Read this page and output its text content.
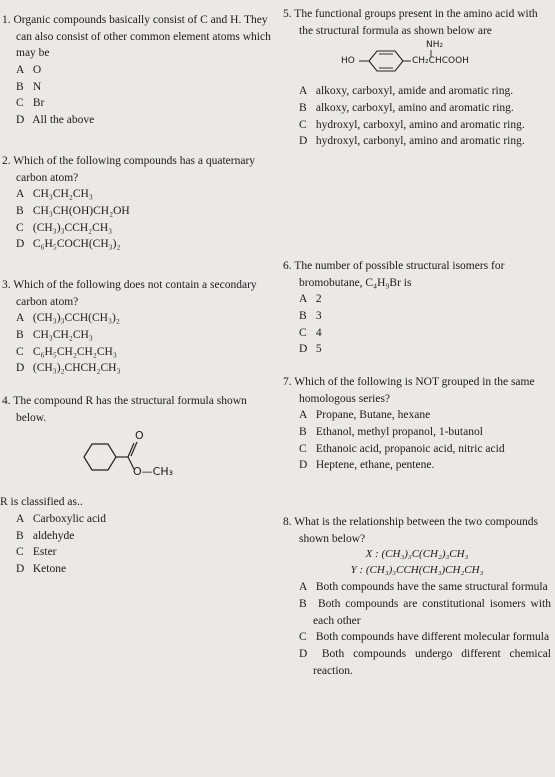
1. Organic compounds basically consist of C and H. They can also consist of other common element atoms which may be

A O

B N

C Br

D All the above

2. Which of the following compounds has a quaternary carbon atom?

A CH₃CH₂CH₃

B CH₃CH(OH)CH₂OH

C (CH₃)₃CCH₂CH₃

D C₆H₅COCH(CH₃)₂

3. Which of the following does not contain a secondary carbon atom?

A (CH₃)₃CCH(CH₃)₂

B CH₃CH₂CH₃

C C₆H₅CH₂CH₂CH₃

D (CH₃)₂CHCH₂CH₃

4. The compound R has the structural formula shown below.

O
O—CH₃

R is classified as..

A Carboxylic acid

B aldehyde

C Ester

D Ketone

5. The functional groups present in the amino acid with the structural formula as shown below are

HO
NH₂
CH₂CHCOOH

A alkoxy, carboxyl, amide and aromatic ring.

B alkoxy, carboxyl, amino and aromatic ring.

C hydroxyl, carboxyl, amino and aromatic ring.

D hydroxyl, carbonyl, amino and aromatic ring.

6. The number of possible structural isomers for bromobutane, C₄H₉Br is

A 2

B 3

C 4

D 5

7. Which of the following is NOT grouped in the same homologous series?

A Propane, Butane, hexane

B Ethanol, methyl propanol, 1-butanol

C Ethanoic acid, propanoic acid, nitric acid

D Heptene, ethane, pentene.

8. What is the relationship between the two compounds shown below?

X : (CH₃)₃C(CH₂)₃CH₃

Y : (CH₃)₃CCH(CH₃)CH₂CH₃

A Both compounds have the same structural formula

B Both compounds are constitutional isomers with each other

C Both compounds have different molecular formula

D Both compounds undergo different chemical reaction.
